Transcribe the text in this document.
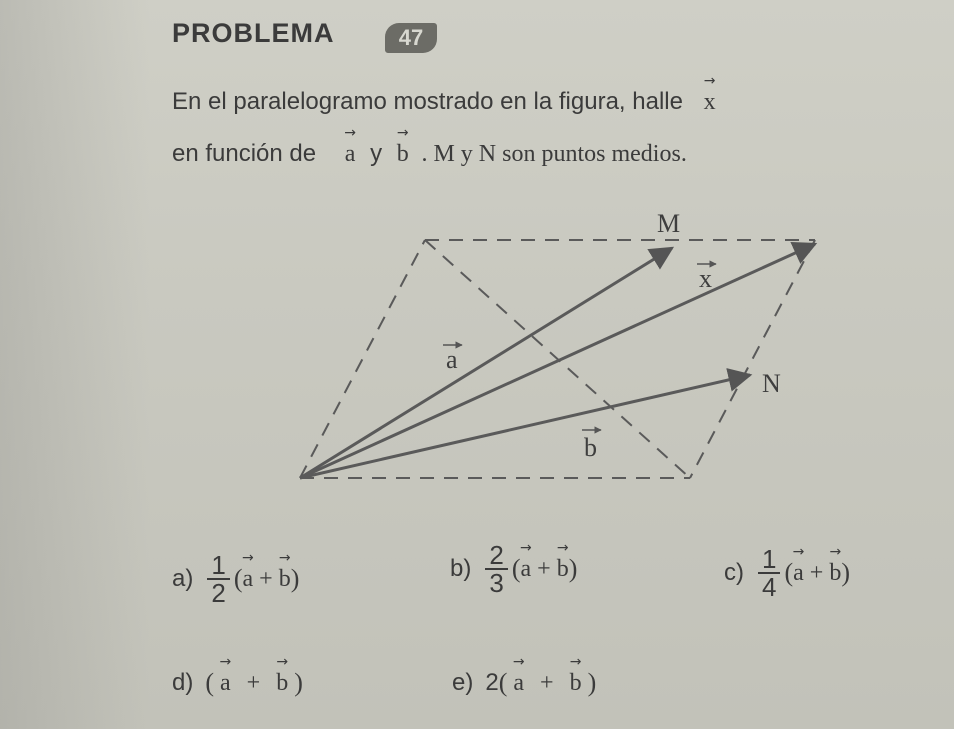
PROBLEMA	47
En el paralelogramo mostrado en la figura, halle → x
en función de → a y → b . M y N son puntos medios.
M
N
x
a
b
$a) \frac{1}{2}$ ( → a + → b )	$b) \frac{2}{3}$ ( → a + → b )	$c) \frac{1}{4}$ ( → a + → b )
d) ( → a + → b )	e) 2 ( → a + → b )
